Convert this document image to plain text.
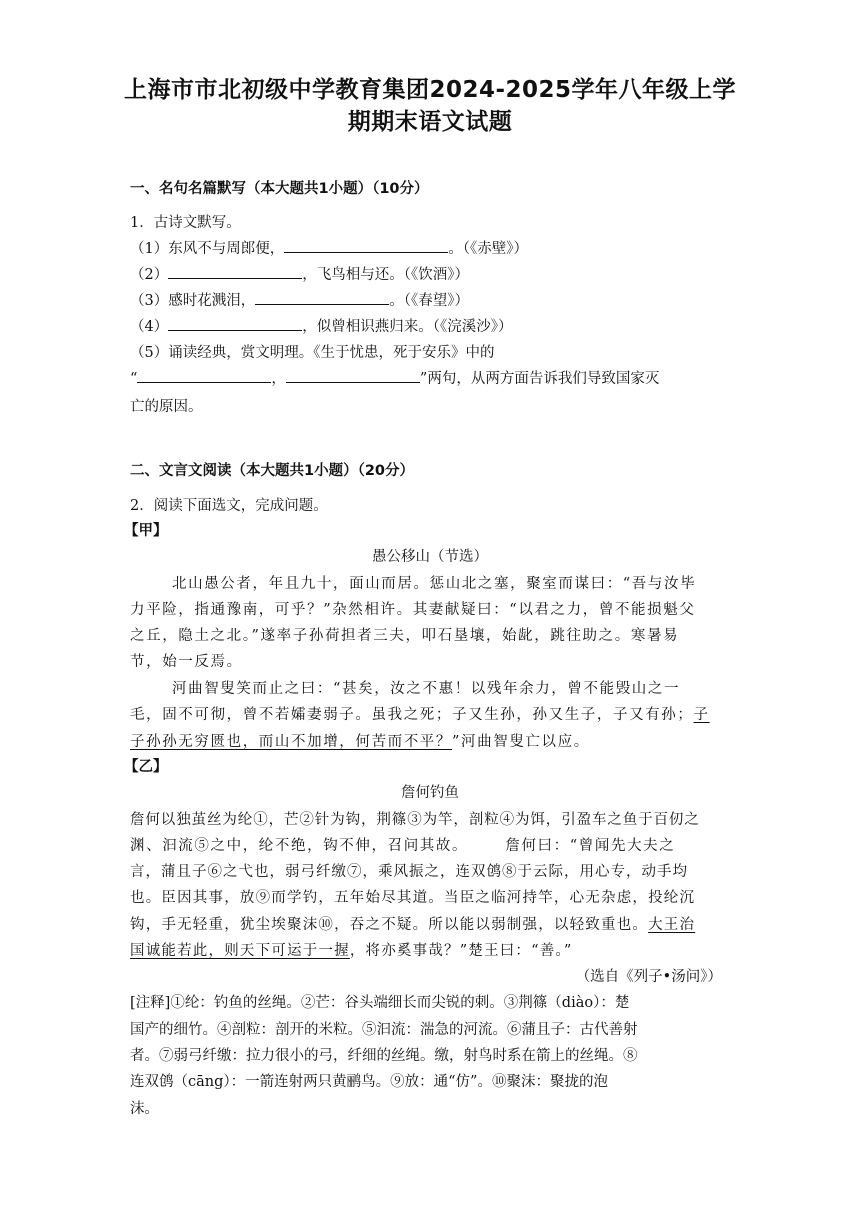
上海市市北初级中学教育集团2024-2025学年八年级上学
期期末语文试题
一、名句名篇默写（本大题共1小题）（10分）
1．古诗文默写。
（1）东风不与周郎便，	。（《赤壁》）
（2）	，飞鸟相与还。（《饮酒》）
（3）感时花溅泪，	。（《春望》）
（4）	，似曾相识燕归来。（《浣溪沙》）
（5）诵读经典，赏文明理。《生于忧患，死于安乐》中的
“	，	”两句，从两方面告诉我们导致国家灭
亡的原因。
二、文言文阅读（本大题共1小题）（20分）
2．阅读下面选文，完成问题。
【甲】
愚公移山（节选）
北山愚公者，年且九十，面山而居。惩山北之塞，聚室而谋曰：“吾与汝毕
力平险，指通豫南，可乎？”杂然相许。其妻献疑曰：“以君之力，曾不能损魁父
之丘，隐土之北。”遂率子孙荷担者三夫，叩石垦壤，始龀，跳往助之。寒暑易
节，始一反焉。
河曲智叟笑而止之曰：“甚矣，汝之不惠！以残年余力，曾不能毁山之一
毛，固不可彻，曾不若孀妻弱子。虽我之死；子又生孙，孙又生子，子又有孙；子
子孙孙无穷匮也，而山不加增，何苦而不平？”河曲智叟亡以应。
【乙】
詹何钓鱼
詹何以独茧丝为纶①，芒②针为钩，荆篠③为竿，剖粒④为饵，引盈车之鱼于百仞之
渊、汩流⑤之中，纶不绝，钩不伸，召问其故。      詹何曰：“曾闻先大夫之
言，蒲且子⑥之弋也，弱弓纤缴⑦，乘风振之，连双鸧⑧于云际，用心专，动手均
也。臣因其事，放⑨而学钓，五年始尽其道。当臣之临河持竿，心无杂虑，投纶沉
钩，手无轻重，犹尘埃聚沫⑩，吞之不疑。所以能以弱制强，以轻致重也。大王治
国诚能若此，则天下可运于一握，将亦奚事哉？”楚王曰：“善。”
（选自《列子•汤问》）
[注释]①纶：钓鱼的丝绳。②芒：谷头端细长而尖锐的刺。③荆篠（diào）：楚
国产的细竹。④剖粒：剖开的米粒。⑤汩流：湍急的河流。⑥蒲且子：古代善射
者。⑦弱弓纤缴：拉力很小的弓，纤细的丝绳。缴，射鸟时系在箭上的丝绳。⑧
连双鸧（cāng）：一箭连射两只黄鹂鸟。⑨放：通“仿”。⑩聚沫：聚拢的泡
沫。
